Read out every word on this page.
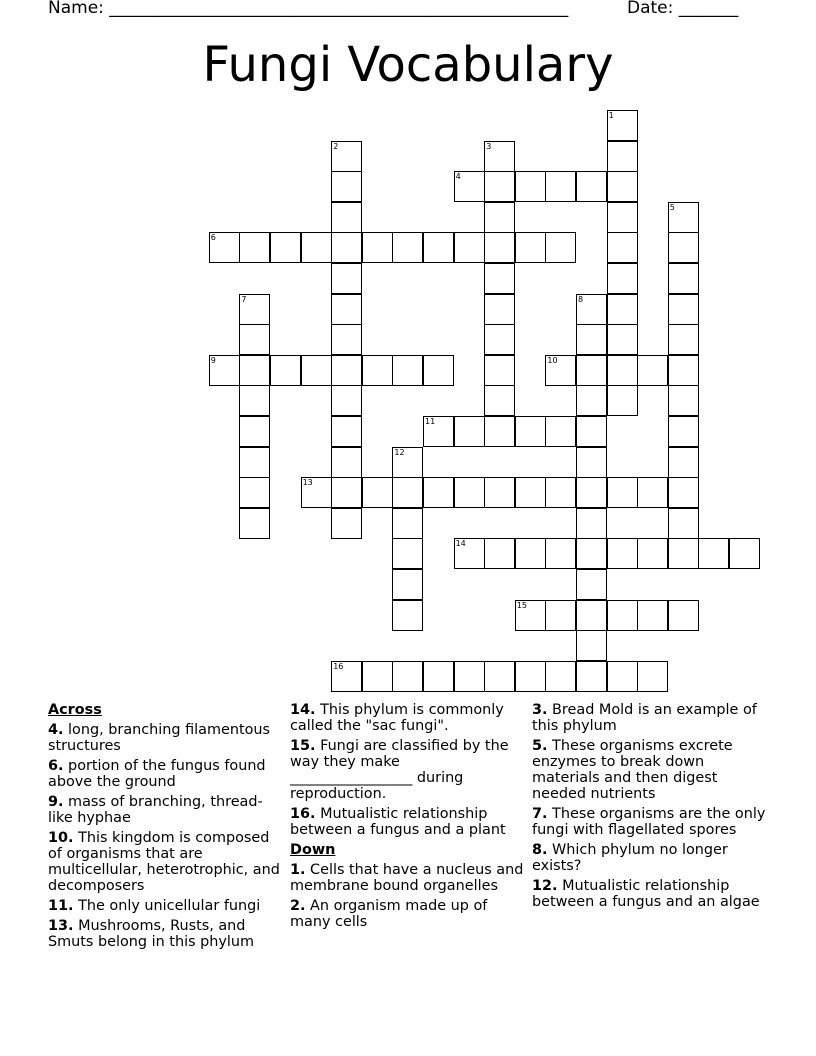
Name: ______________________________________________________	Date: _______
Fungi Vocabulary
1
2	3
4
5
6
7	8
9	10
11
12
13
14
15
16
Across
4. long, branching filamentous structures
6. portion of the fungus found above the ground
9. mass of branching, thread-like hyphae
10. This kingdom is composed of organisms that are multicellular, heterotrophic, and decomposers
11. The only unicellular fungi
13. Mushrooms, Rusts, and Smuts belong in this phylum
14. This phylum is commonly called the "sac fungi".
15. Fungi are classified by the way they make _________________ during reproduction.
16. Mutualistic relationship between a fungus and a plant
Down
1. Cells that have a nucleus and membrane bound organelles
2. An organism made up of many cells
3. Bread Mold is an example of this phylum
5. These organisms excrete enzymes to break down materials and then digest needed nutrients
7. These organisms are the only fungi with flagellated spores
8. Which phylum no longer exists?
12. Mutualistic relationship between a fungus and an algae
